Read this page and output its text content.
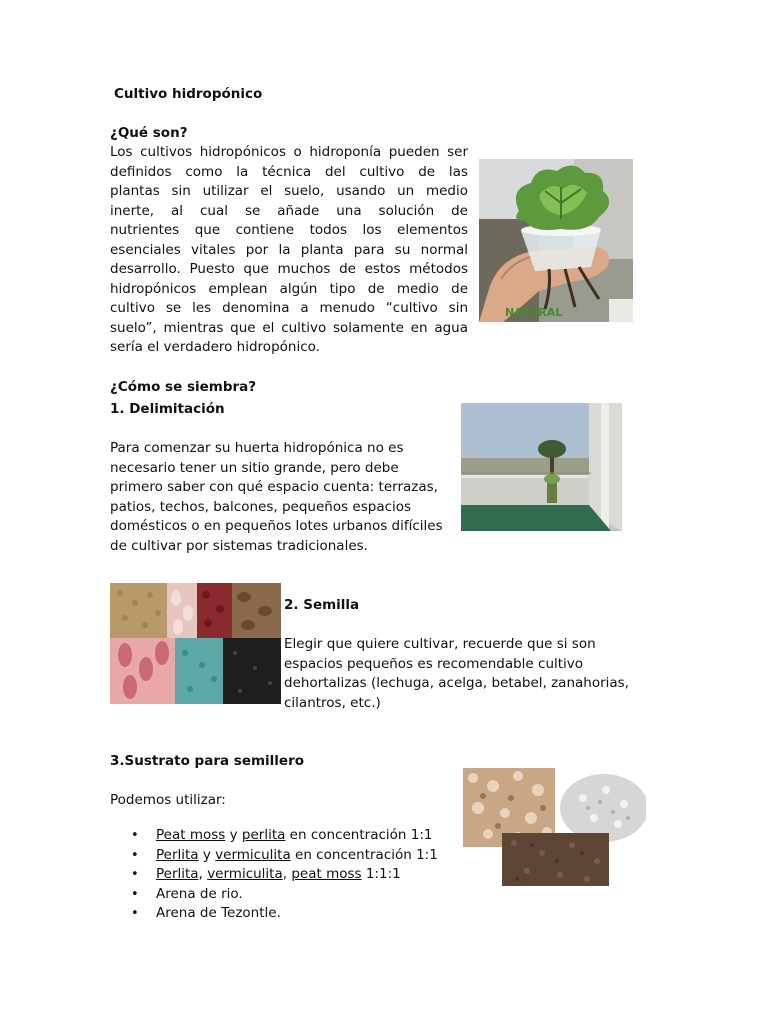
Cultivo hidropónico
¿Qué son?
Los cultivos hidropónicos o hidroponía pueden ser
definidos como la técnica del cultivo de las
plantas sin utilizar el suelo, usando un medio
inerte, al cual se añade una solución de
nutrientes que contiene todos los elementos
esenciales vitales por la planta para su normal
desarrollo. Puesto que muchos de estos métodos
hidropónicos emplean algún tipo de medio de
cultivo se les denomina a menudo “cultivo sin
suelo”, mientras que el cultivo solamente en agua
sería el verdadero hidropónico.
NATURAL
¿Cómo se siembra?
1. Delimitación
Para comenzar su huerta hidropónica no es
necesario tener un sitio grande, pero debe
primero saber con qué espacio cuenta: terrazas,
patios, techos, balcones, pequeños espacios
domésticos o en pequeños lotes urbanos difíciles
de cultivar por sistemas tradicionales.
2. Semilla
Elegir que quiere cultivar, recuerde que si son
espacios pequeños es recomendable cultivo
dehortalizas (lechuga, acelga, betabel, zanahorias,
cilantros, etc.)
3.Sustrato para semillero
Podemos utilizar:
• Peat moss y perlita en concentración 1:1
• Perlita y vermiculita en concentración 1:1
• Perlita, vermiculita, peat moss 1:1:1
• Arena de rio.
• Arena de Tezontle.
